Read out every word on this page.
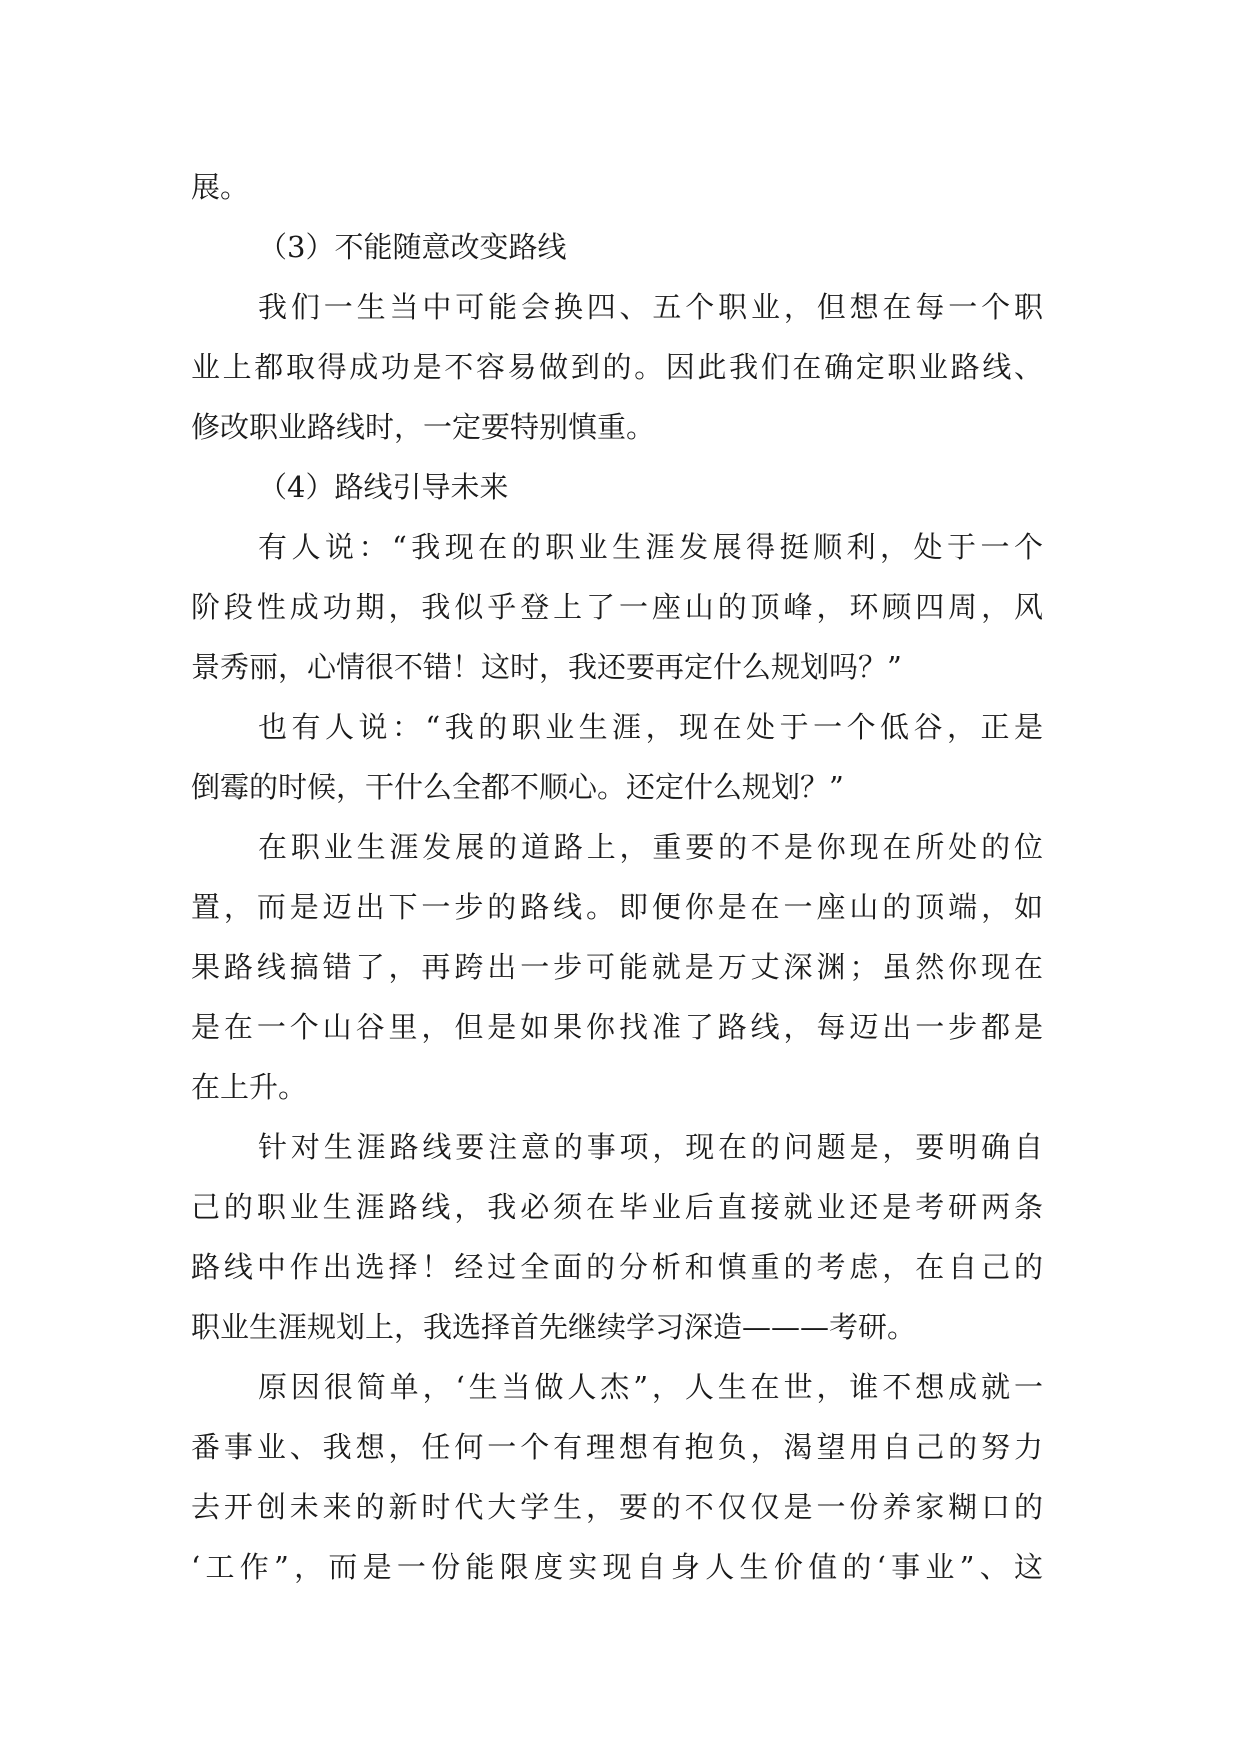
展。
（3）不能随意改变路线
我们一生当中可能会换四、五个职业，但想在每一个职
业上都取得成功是不容易做到的。因此我们在确定职业路线、
修改职业路线时，一定要特别慎重。
（4）路线引导未来
有人说：“我现在的职业生涯发展得挺顺利，处于一个
阶段性成功期，我似乎登上了一座山的顶峰，环顾四周，风
景秀丽，心情很不错！这时，我还要再定什么规划吗？”
也有人说：“我的职业生涯，现在处于一个低谷，正是
倒霉的时候，干什么全都不顺心。还定什么规划？”
在职业生涯发展的道路上，重要的不是你现在所处的位
置，而是迈出下一步的路线。即便你是在一座山的顶端，如
果路线搞错了，再跨出一步可能就是万丈深渊；虽然你现在
是在一个山谷里，但是如果你找准了路线，每迈出一步都是
在上升。
针对生涯路线要注意的事项，现在的问题是，要明确自
己的职业生涯路线，我必须在毕业后直接就业还是考研两条
路线中作出选择！经过全面的分析和慎重的考虑，在自己的
职业生涯规划上，我选择首先继续学习深造———考研。
原因很简单，‘生当做人杰”，人生在世，谁不想成就一
番事业、我想，任何一个有理想有抱负，渴望用自己的努力
去开创未来的新时代大学生，要的不仅仅是一份养家糊口的
‘工作”，而是一份能限度实现自身人生价值的‘事业”、这
